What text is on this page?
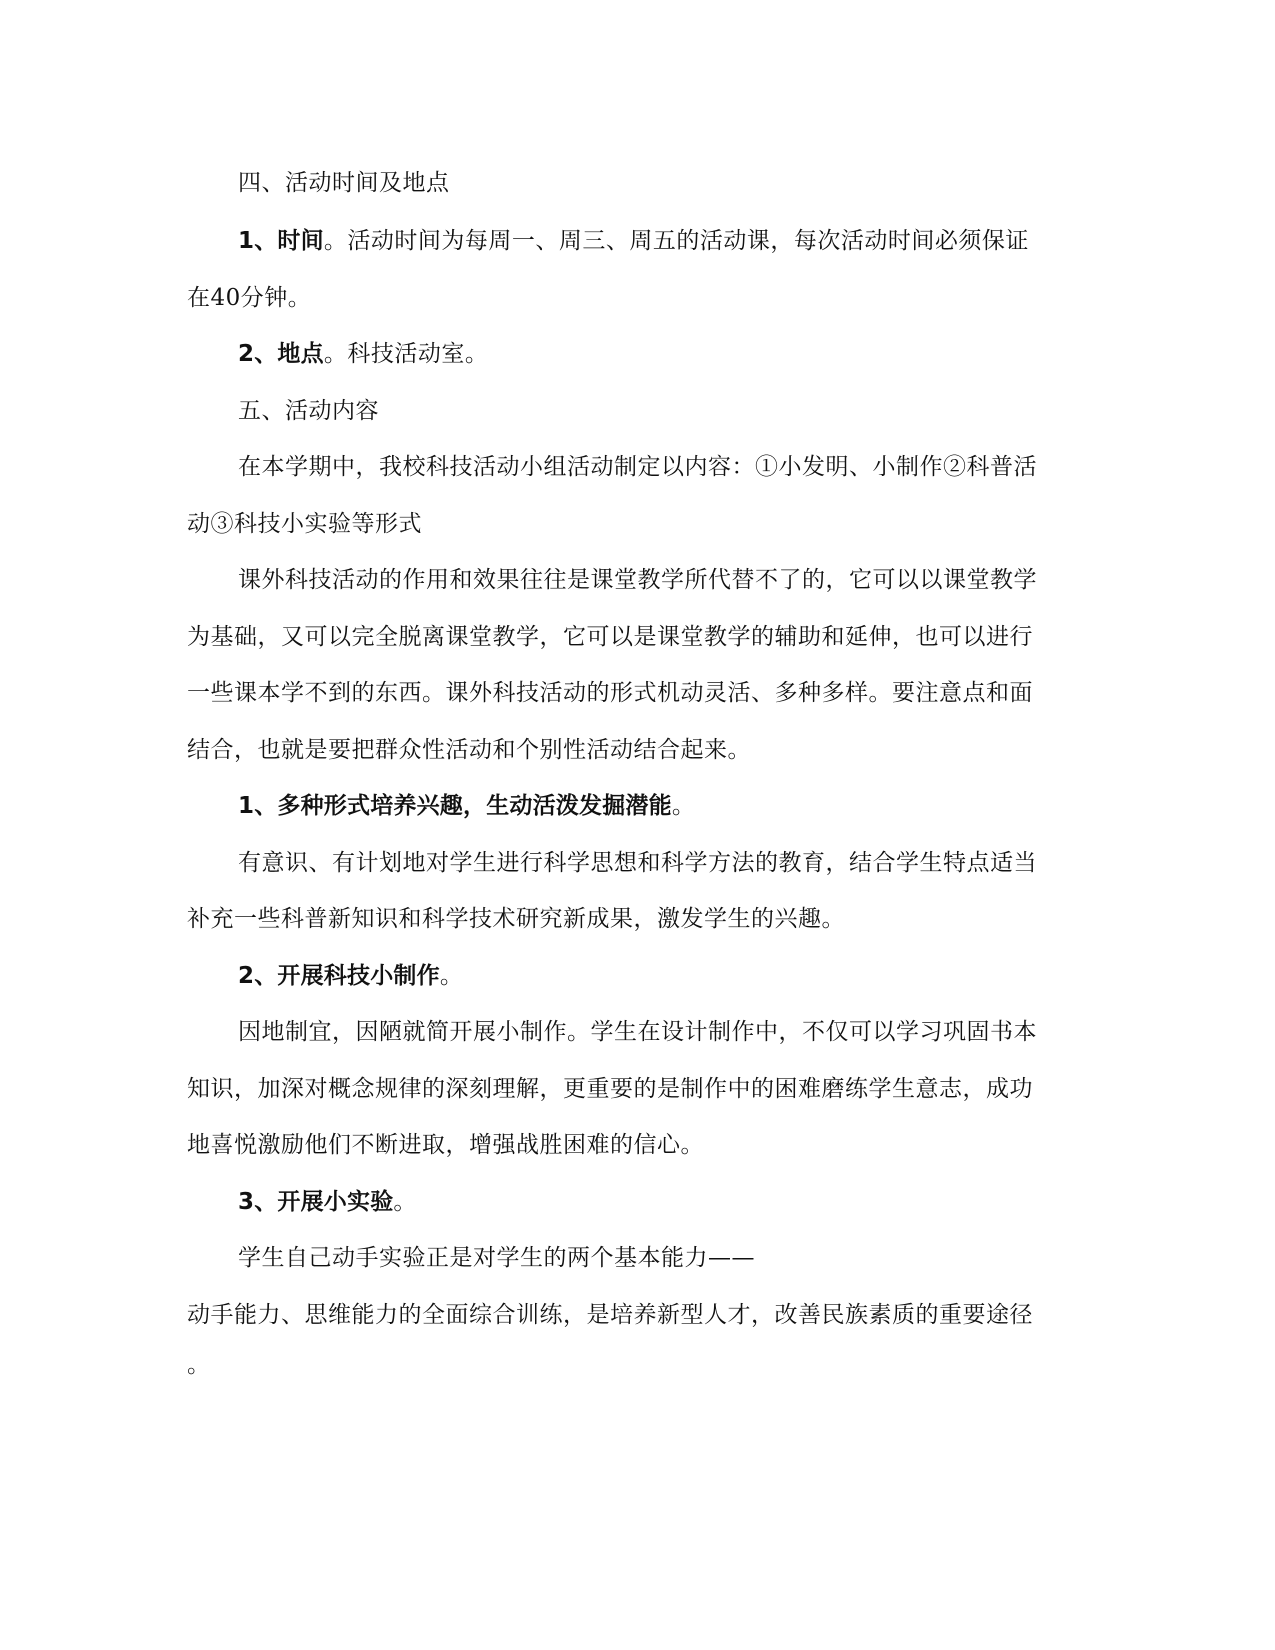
四、活动时间及地点
1、时间。活动时间为每周一、周三、周五的活动课，每次活动时间必须保证
在40分钟。
2、地点。科技活动室。
五、活动内容
在本学期中，我校科技活动小组活动制定以内容：①小发明、小制作②科普活
动③科技小实验等形式
课外科技活动的作用和效果往往是课堂教学所代替不了的，它可以以课堂教学
为基础，又可以完全脱离课堂教学，它可以是课堂教学的辅助和延伸，也可以进行
一些课本学不到的东西。课外科技活动的形式机动灵活、多种多样。要注意点和面
结合，也就是要把群众性活动和个别性活动结合起来。
1、多种形式培养兴趣，生动活泼发掘潜能。
有意识、有计划地对学生进行科学思想和科学方法的教育，结合学生特点适当
补充一些科普新知识和科学技术研究新成果，激发学生的兴趣。
2、开展科技小制作。
因地制宜，因陋就简开展小制作。学生在设计制作中，不仅可以学习巩固书本
知识，加深对概念规律的深刻理解，更重要的是制作中的困难磨练学生意志，成功
地喜悦激励他们不断进取，增强战胜困难的信心。
3、开展小实验。
学生自己动手实验正是对学生的两个基本能力——
动手能力、思维能力的全面综合训练，是培养新型人才，改善民族素质的重要途径
。
